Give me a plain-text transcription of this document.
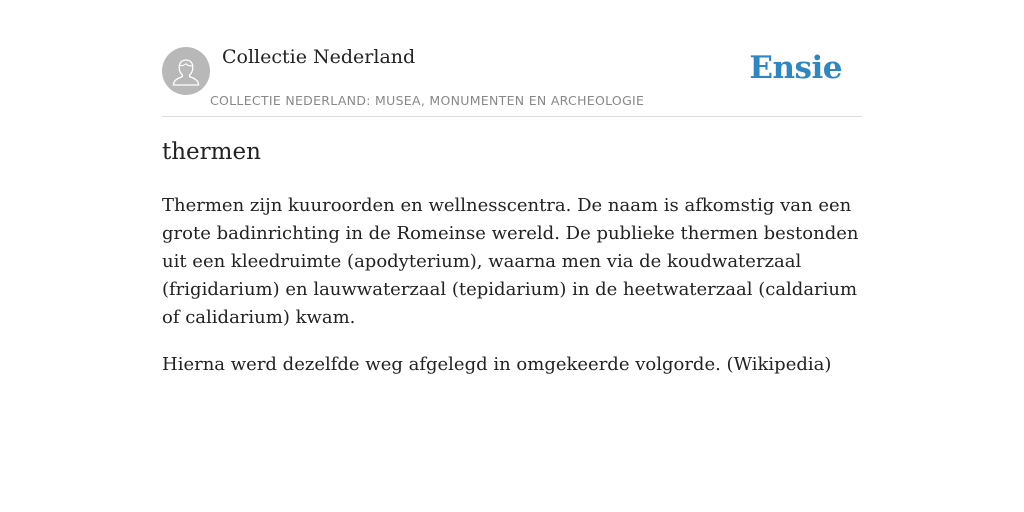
Collectie Nederland
COLLECTIE NEDERLAND: MUSEA, MONUMENTEN EN ARCHEOLOGIE
Ensie
thermen

Thermen zijn kuuroorden en wellnesscentra. De naam is afkomstig van een grote badinrichting in de Romeinse wereld. De publieke thermen bestonden uit een kleedruimte (apodyterium), waarna men via de koudwaterzaal (frigidarium) en lauwwaterzaal (tepidarium) in de heetwaterzaal (caldarium of calidarium) kwam.

Hierna werd dezelfde weg afgelegd in omgekeerde volgorde. (Wikipedia)
